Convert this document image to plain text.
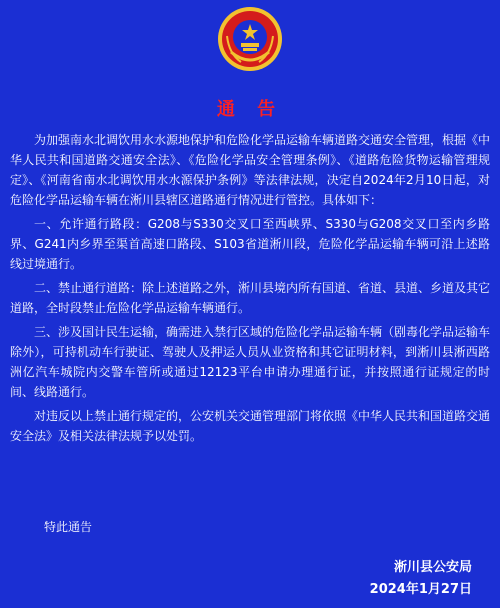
通 告

为加强南水北调饮用水水源地保护和危险化学品运输车辆道路交通安全管理，根据《中华人民共和国道路交通安全法》、《危险化学品安全管理条例》、《道路危险货物运输管理规定》、《河南省南水北调饮用水水源保护条例》等法律法规，决定自2024年2月10日起，对危险化学品运输车辆在淅川县辖区道路通行情况进行管控。具体如下：

一、允许通行路段：G208与S330交叉口至西峡界、S330与G208交叉口至内乡路界、G241内乡界至渠首高速口路段、S103省道淅川段，危险化学品运输车辆可沿上述路线过境通行。

二、禁止通行道路：除上述道路之外，淅川县境内所有国道、省道、县道、乡道及其它道路，全时段禁止危险化学品运输车辆通行。

三、涉及国计民生运输，确需进入禁行区域的危险化学品运输车辆（剧毒化学品运输车除外），可持机动车行驶证、驾驶人及押运人员从业资格和其它证明材料，到淅川县淅西路洲亿汽车城院内交警车管所或通过12123平台申请办理通行证，并按照通行证规定的时间、线路通行。

对违反以上禁止通行规定的，公安机关交通管理部门将依照《中华人民共和国道路交通安全法》及相关法律法规予以处罚。

特此通告
淅川县公安局
2024年1月27日
